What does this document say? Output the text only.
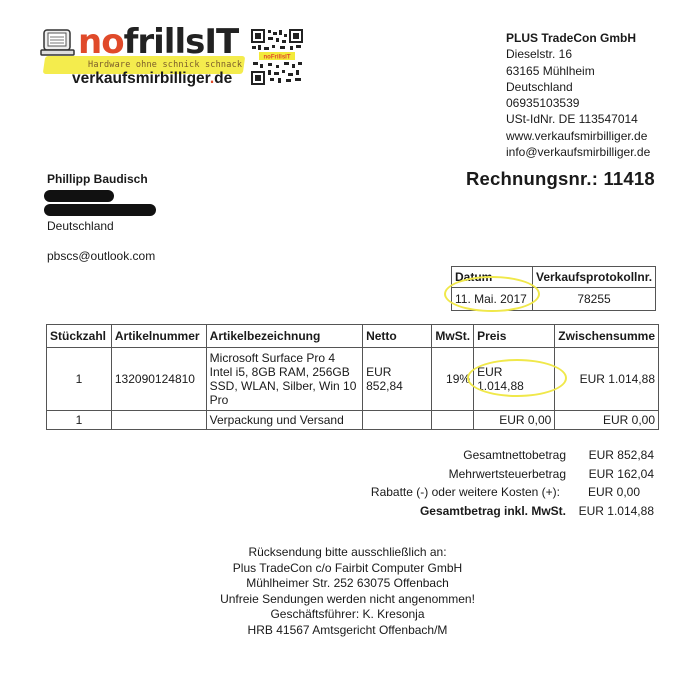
nofrillsIT
Hardware ohne schnick schnack
verkaufsmirbilliger.de
noFrillsIT
PLUS TradeCon GmbH
Dieselstr. 16
63165 Mühlheim
Deutschland
06935103539
USt-IdNr. DE 113547014
www.verkaufsmirbilliger.de
info@verkaufsmirbilliger.de
Phillipp Baudisch
Deutschland
pbscs@outlook.com
Rechnungsnr.: 11418
Datum	Verkaufsprotokollnr.
11. Mai. 2017	78255
Stückzahl	Artikelnummer	Artikelbezeichnung	Netto	MwSt.	Preis	Zwischensumme
1	132090124810	Microsoft Surface Pro 4 Intel i5, 8GB RAM, 256GB SSD, WLAN, Silber, Win 10 Pro	EUR 852,84	19%	EUR 1.014,88	EUR 1.014,88
1		Verpackung und Versand			EUR 0,00	EUR 0,00
Gesamtnettobetrag	EUR 852,84
Mehrwertsteuerbetrag	EUR 162,04
Rabatte (-) oder weitere Kosten (+):	EUR 0,00
Gesamtbetrag inkl. MwSt.	EUR 1.014,88
Rücksendung bitte ausschließlich an:
Plus TradeCon c/o Fairbit Computer GmbH
Mühlheimer Str. 252 63075 Offenbach
Unfreie Sendungen werden nicht angenommen!
Geschäftsführer: K. Kresonja
HRB 41567 Amtsgericht Offenbach/M
